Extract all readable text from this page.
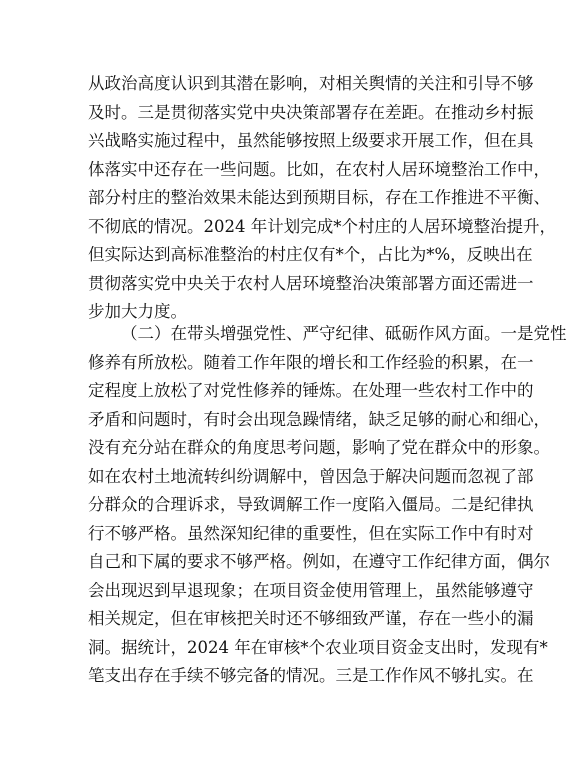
从政治高度认识到其潜在影响，对相关舆情的关注和引导不够
及时。三是贯彻落实党中央决策部署存在差距。在推动乡村振
兴战略实施过程中，虽然能够按照上级要求开展工作，但在具
体落实中还存在一些问题。比如，在农村人居环境整治工作中，
部分村庄的整治效果未能达到预期目标，存在工作推进不平衡、
不彻底的情况。2024 年计划完成*个村庄的人居环境整治提升，
但实际达到高标准整治的村庄仅有*个，占比为*%，反映出在
贯彻落实党中央关于农村人居环境整治决策部署方面还需进一
步加大力度。
（二）在带头增强党性、严守纪律、砥砺作风方面。一是党性
修养有所放松。随着工作年限的增长和工作经验的积累，在一
定程度上放松了对党性修养的锤炼。在处理一些农村工作中的
矛盾和问题时，有时会出现急躁情绪，缺乏足够的耐心和细心，
没有充分站在群众的角度思考问题，影响了党在群众中的形象。
如在农村土地流转纠纷调解中，曾因急于解决问题而忽视了部
分群众的合理诉求，导致调解工作一度陷入僵局。二是纪律执
行不够严格。虽然深知纪律的重要性，但在实际工作中有时对
自己和下属的要求不够严格。例如，在遵守工作纪律方面，偶尔
会出现迟到早退现象；在项目资金使用管理上，虽然能够遵守
相关规定，但在审核把关时还不够细致严谨，存在一些小的漏
洞。据统计，2024 年在审核*个农业项目资金支出时，发现有*
笔支出存在手续不够完备的情况。三是工作作风不够扎实。在
